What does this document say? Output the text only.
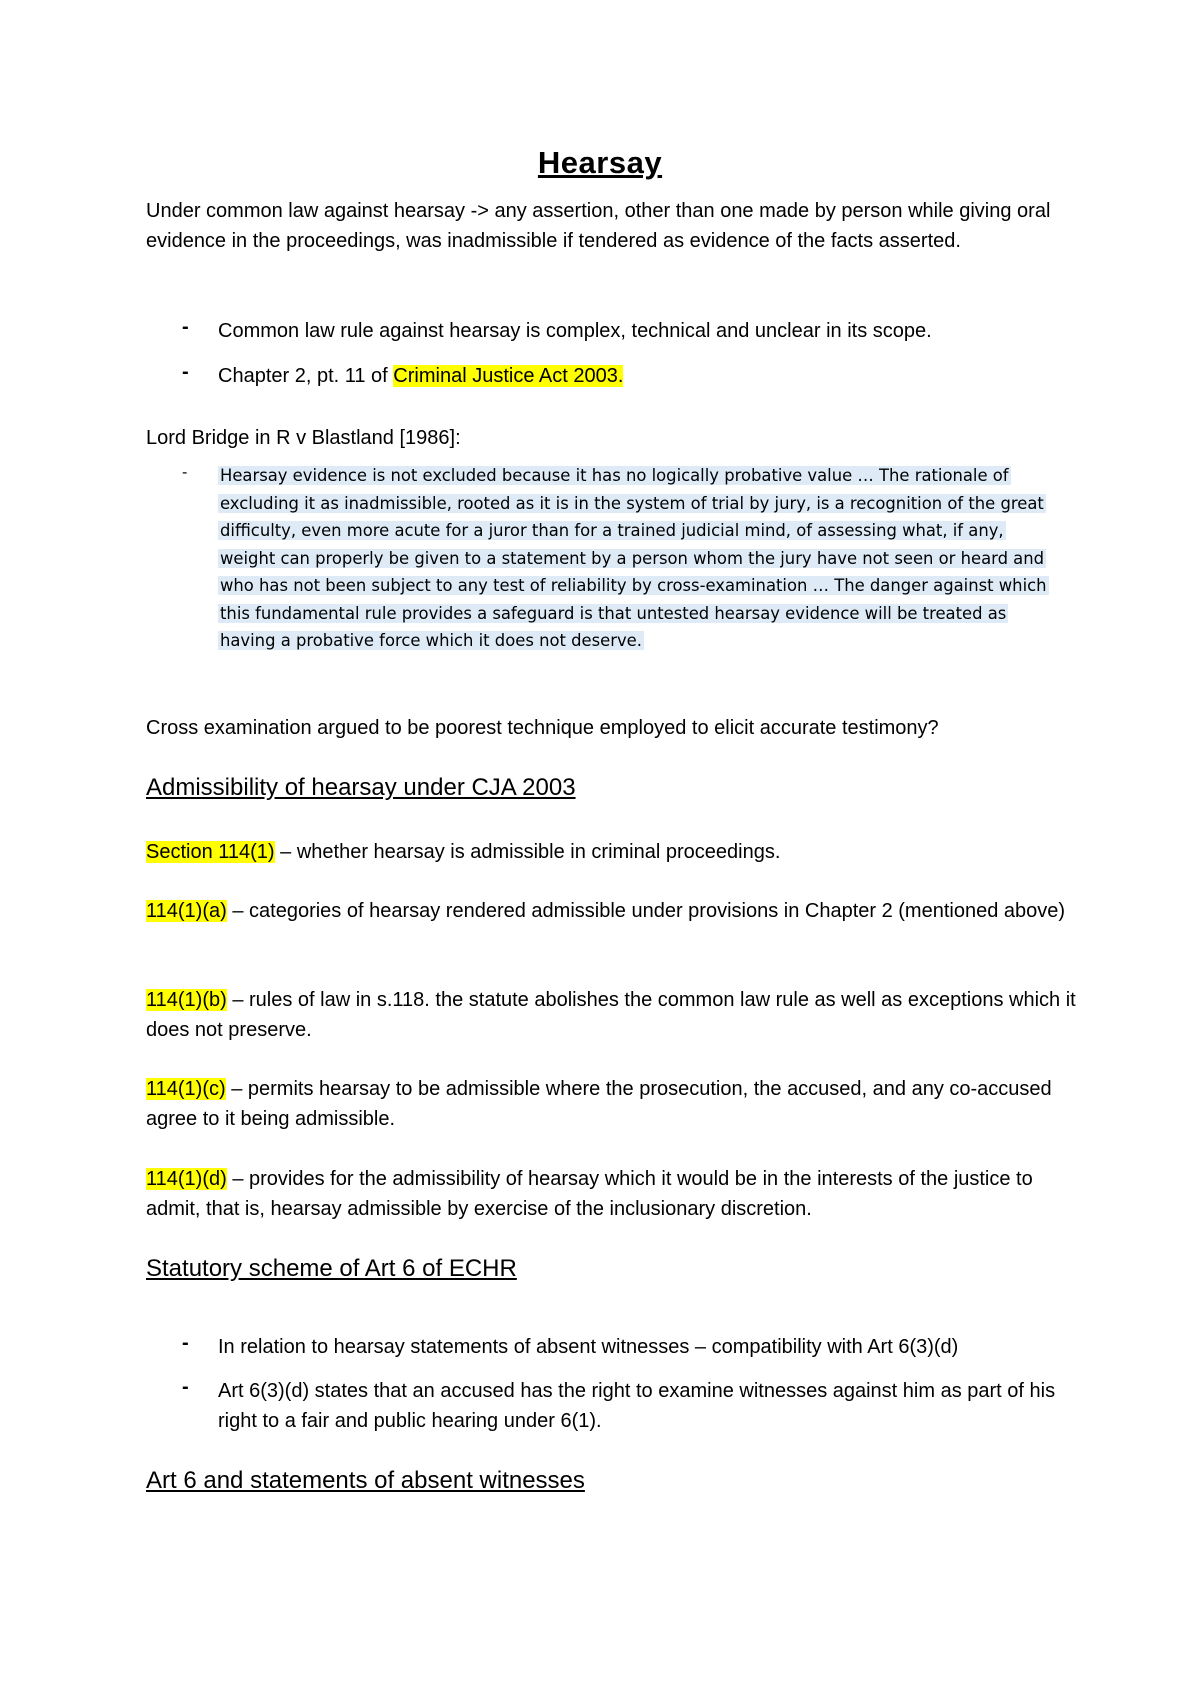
Hearsay
Under common law against hearsay -> any assertion, other than one made by person while giving oral evidence in the proceedings, was inadmissible if tendered as evidence of the facts asserted.
- Common law rule against hearsay is complex, technical and unclear in its scope.
- Chapter 2, pt. 11 of Criminal Justice Act 2003.
Lord Bridge in R v Blastland [1986]:
- Hearsay evidence is not excluded because it has no logically probative value … The rationale of excluding it as inadmissible, rooted as it is in the system of trial by jury, is a recognition of the great difficulty, even more acute for a juror than for a trained judicial mind, of assessing what, if any, weight can properly be given to a statement by a person whom the jury have not seen or heard and who has not been subject to any test of reliability by cross-examination … The danger against which this fundamental rule provides a safeguard is that untested hearsay evidence will be treated as having a probative force which it does not deserve.
Cross examination argued to be poorest technique employed to elicit accurate testimony?
Admissibility of hearsay under CJA 2003
Section 114(1) – whether hearsay is admissible in criminal proceedings.
114(1)(a) – categories of hearsay rendered admissible under provisions in Chapter 2 (mentioned above)
114(1)(b) – rules of law in s.118. the statute abolishes the common law rule as well as exceptions which it does not preserve.
114(1)(c) – permits hearsay to be admissible where the prosecution, the accused, and any co-accused agree to it being admissible.
114(1)(d) – provides for the admissibility of hearsay which it would be in the interests of the justice to admit, that is, hearsay admissible by exercise of the inclusionary discretion.
Statutory scheme of Art 6 of ECHR
- In relation to hearsay statements of absent witnesses – compatibility with Art 6(3)(d)
- Art 6(3)(d) states that an accused has the right to examine witnesses against him as part of his right to a fair and public hearing under 6(1).
Art 6 and statements of absent witnesses
